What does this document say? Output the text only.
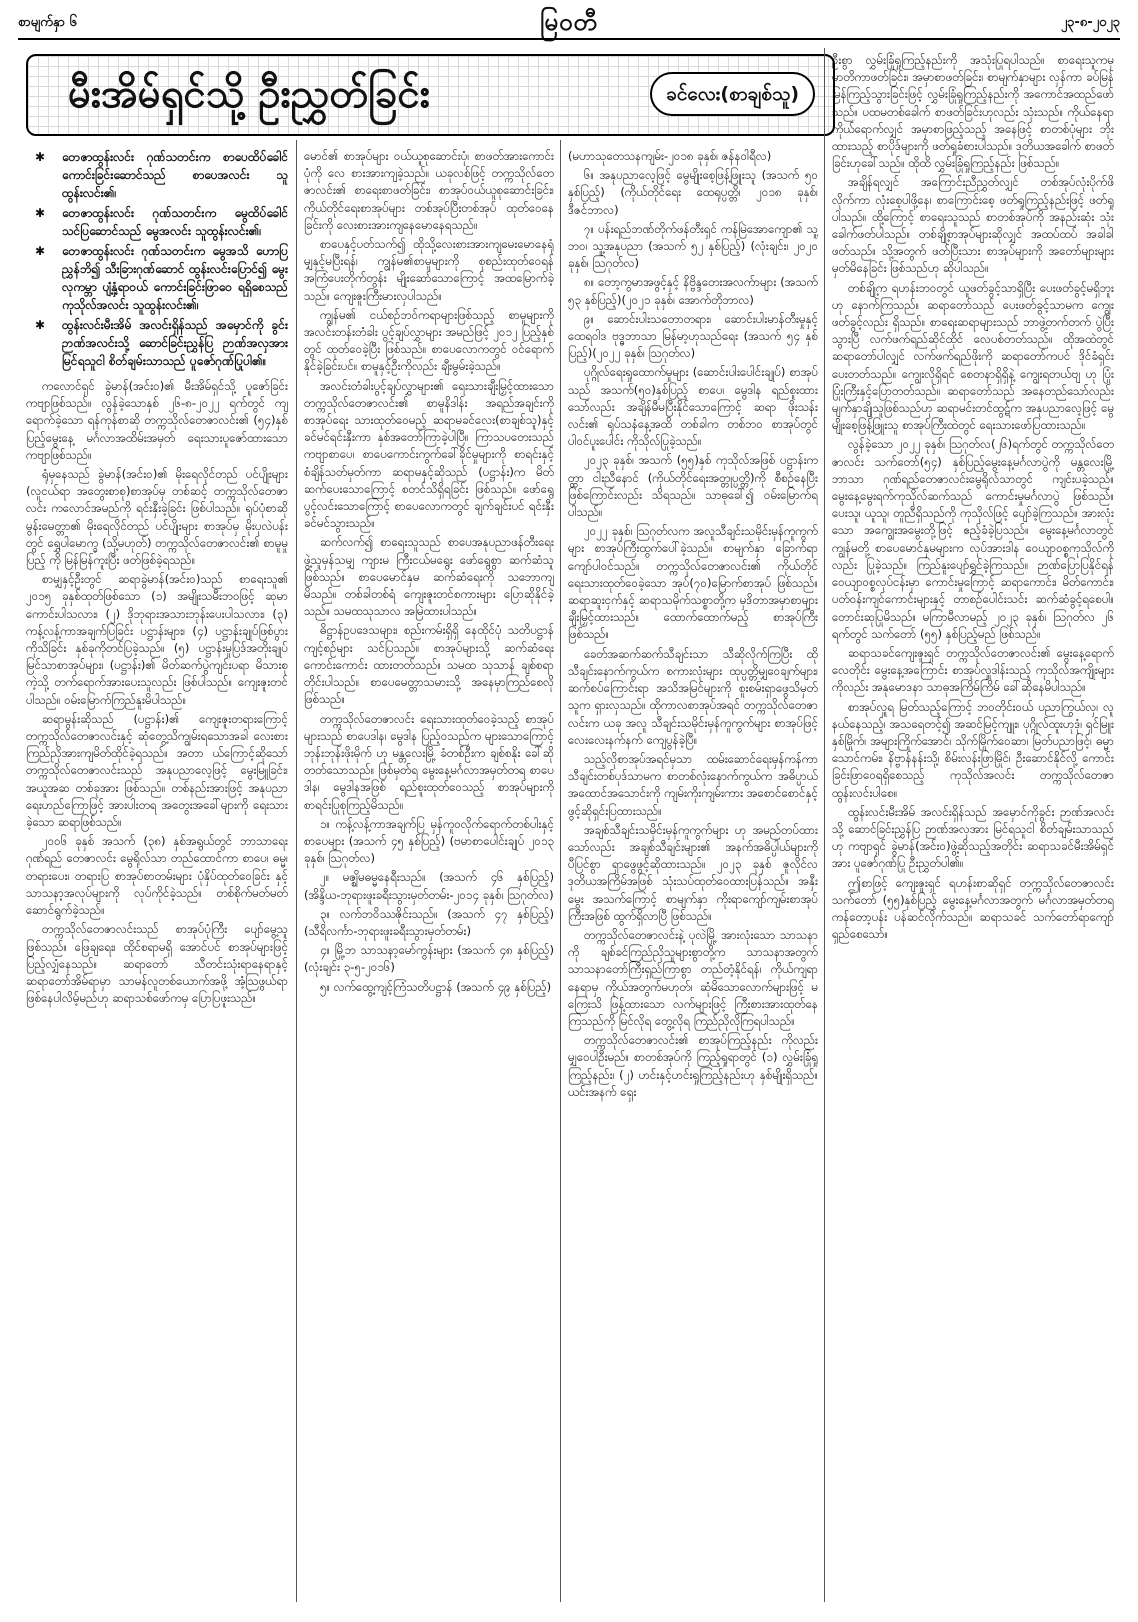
စာမျက်နှာ ၆	မြဝတီ	၂၃-၈-၂၀၂၃
မီးအိမ်ရှင်သို့ ဦးညွှတ်ခြင်း	ခင်လေး(စာချစ်သူ)
✱	တေဇာထွန်းလင်း ဂုဏ်သတင်းက စာပေထိပ်ခေါင် ကောင်းခြင်းဆောင်သည် စာပေအလင်း သူထွန်းလင်း၏၊
✱	တေဇာထွန်းလင်း ဂုဏ်သတင်းက မွေထိပ်ခေါင် သင်ပြဆောင်သည် မွေအလင်း သူထွန်းလင်း၏၊
✱	တေဇာထွန်းလင်း ဂုဏ်သတင်းက မွေအသိ ဟောပြ ညွှန်ဘိ၍ သီးခြားဂုဏ်ဆောင် ထွန်းလင်းပြောင်၍ မွေးလုကမ္ဘာ ပျံ့နှံ့ရာဝယ် ကောင်းခြင်းဖြာဝေ ရရှိစေသည် ကုသိုလ်အလင်း သူထွန်းလင်း၏၊
✱	ထွန်းလင်းမီးအိမ် အလင်းရှိန်သည် အမှောင်ကို ခွင်း ဉာဏ်အလင်းသို့ ဆောင်ခြင်းညွှန်ပြ ဉာဏ်အလှအား မြင်ရသူငါ စိတ်ချမ်းသာသည် ပူဇော်ဂုဏ်ပြုပါ၏။

ကလောင်ရှင် ခွဲမာန်(အင်း၀)၏ မီးအိမ်ရှင်သို့ ပူဇော်ခြင်း ကဗျာဖြစ်သည်။ လွန်ခဲ့သောနှစ် ၂၆-၈-၂၀၂၂ ရက်တွင် ကျရောက်ခဲ့သော ရန်ကုန်စာဆို တက္ကသိုလ်တေဇာလင်း၏ (၅၄)နှစ်ပြည့်မွေးနေ့ မင်္ဂလာအထိမ်းအမှတ် ရေးသားပူဇော်ထားသော ကဗျာဖြစ်သည်။

ရုံမှနေသည် ခွဲမာန်(အင်း၀)၏ မိုးရေလိုင်တည် ပင်ပျိုးများ (လူငယ်ရာ အတွေးစာစု)စာအုပ်မှ တစ်ဆင့် တက္ကသိုလ်တေဇာလင်း ကလောင်အမည်ကို ရင်းနှီးခဲ့ခြင်း ဖြစ်ပါသည်။ ရုပ်ပုံစာဆို မွန်းမေတ္တာ၏ မိုးရေလိုင်တည် ပင်ပျိုးများ စာအုပ်မှ မိုးပုလဲပန်းတွင် ရွှေပါမောက္ခ (သို့မဟုတ်) တက္ကသိုလ်တေဇာလင်း၏ စာမူမှုပြည့် ကို မြန်မြန်ကူးပြီး ဖတ်ဖြစ်ခဲ့ရသည်။

စာမျှနှင့်ဦးတွင် ဆရာခွဲမာန်(အင်း၀)သည် စာရေးသူ၏ ၂၀၁၅ ခုနှစ်ထုတ်ဖြစ်သော (၁) အမျိုးသမီးဘဝဖြင့် ဆုမာကောင်းပါသလား၊ (၂) ဒိုဘုရားအသားဘုန်းပေးပါသလား၊ (၃) ကန့်လန့်ကာအချက်ပြခြင်း ပဋ္ဌာန်းများ၊ (၄) ပဋ္ဌာန်းချုပ်ဖြစ်ပွားကိုသိခြင်း နှစ်ခုကိုတင်ပြခဲ့သည်။ (၅) ပဋ္ဌာန်းမှုပြဒ်အတိုးချုပ် မြင်သာစာအုပ်များ၊ (ပဋ္ဌာန်း)၏ မိတ်ဆက်ပွဲကျင်းပရာ မိသားစုကဲ့သို့ တက်ရောက်အားပေးသူလည်း ဖြစ်ပါသည်။ ကျေးဇူးတင်ပါသည်။ ဝမ်းမြောက်ကြည်နူးမိပါသည်။

ဆရာမွန်းဆိုသည် (ပဋ္ဌာန်း)၏ ကျေးဇူးတရားကြောင့် တက္ကသိုလ်တေဇာလင်းနှင့် ဆုံတွေ့သိကျွမ်းရသောအခါ လေးစားကြည်ညိုအားကျမိတ်ထိုင်ခဲ့ရသည်။ အတာ ယ်ကြောင့်ဆိုသော် တက္ကသိုလ်တေဇာလင်းသည် အနုပညာလေ့ဖြင့် မွေးမြူခြင်း၊ အယူအဆ တစ်ခုအား ဖြစ်သည်။ တစ်နည်းအားဖြင့် အနုပညာရေးဟည်ကြောဖြင့် အားပါးတရ အတွေးအခေါ်များကို ရေးသားခဲ့သော ဆရာဖြစ်သည်။

၂၀၀၆ ခုနှစ် အသက် (၃၈) နှစ်အရွယ်တွင် ဘာသာရေးဂုဏ်ရည် တေဇာလင်း မွေရိုလ်သာ တည်ထောင်ကာ စာပေ၊ ဓမ္မ၊ တရားပေး၊ တရားပြ စာအုပ်စာတမ်းများ ပုံနှိပ်ထုတ်ဝေခြင်း နှင့် သာသနာ့အလုပ်များကို လုပ်ကိုင်ခဲ့သည်။ တစ်စိုက်မတ်မတ် ဆောင်ရွက်ခဲ့သည်။

တက္ကသိုလ်တေဇာလင်းသည် စာအုပ်ပုံကြီး ပျော်မွေ့သူ ဖြစ်သည်။ ဖြေချရေး၊ ထိုင်စရာမရှိ အောင်ပင် စာအုပ်များဖြင့် ပြည့်လျှံနေသည်။ ဆရာတော် သီတင်းသုံးရာနေရာနှင့် ဆရာတော်အိမ်ရာမှာ သာမန်လူတစ်ယောက်အဖို့ အံ့သြဖွယ်ရာဖြစ်နေပါလိမ့်မည်ဟု ဆရာသစ်ဖော်ကမှ ပြောပြဖူးသည်။

မောင်၏ စာအုပ်များ ဝယ်ယူစုဆောင်းပုံ၊ စာဖတ်အားကောင်းပုံကို လေ စားအားကျခဲ့သည်။ ယခုလစ်ဖြင့် တက္ကသိုလ်တေဇာလင်း၏ စာရေးစာဖတ်ခြင်း၊ စာအုပ်ဝယ်ယူစုဆောင်းခြင်း၊ ကိုယ်တိုင်ရေးစာအုပ်များ တစ်အုပ်ပြီးတစ်အုပ် ထုတ်ဝေနေခြင်းကို လေးစားအားကျနေမောနေရသည်။

စာပေနှင့်ပတ်သက်၍ ထိုသို့လေးစားအားကျမေးမောနေရုံမျှနှင့်မပြီးရန်၊ ကျွန်မ၏စာမူများကို စုစည်းထုတ်ဝေရန် အကြံပေးတိုက်တွန်း မျိုးဆော်သောကြောင့် အထမြောက်ခဲ့သည်။ ကျေးဇူးကြီးမားလှပါသည်။

ကျွန်မ၏ ငယ်စဉ်ဘဝ်ကရာများဖြစ်သည့် စာမူများကို အလင်းတန်းတံခါး ပွင့်ချပ်လွှာများ အမည်ဖြင့် ၂၀၁၂ ပြည့်နှစ်တွင် ထုတ်ဝေခဲ့ပြီး ဖြစ်သည်။ စာပေလောကတွင် ဝင်ရောက်နိုင်ခဲ့ခြင်းပင်။ စာမူနှင့်ဦးကိုလည်း ချီးမွမ်းခဲ့သည်။

အလင်းတံခါးပွင့်ချပ်လွှာများ၏ ရေးသားချီးမြှင့်ထားသော တက္ကသိုလ်တေဇာလင်း၏ စာမူနိဒါန်း အရည်အချင်းကို စာအုပ်ရေး သားထုတ်ဝေမည့် ဆရာမခင်လေး(စာချစ်သူ)နှင့် ခင်မင်ရင်းနှီးကာ နှစ်အတော်ကြာခဲ့ပါပြီ။ ကြာသပတေးသည် ကဗျာစာပေ၊ စာပေကောင်းကွက်ခေါ်ခိုင်မှုများကို စာရင်းနှင့်စံချိန်သတ်မှတ်ကာ ဆရာမနှင့်ဆိုသည် (ပဋ္ဌာန်း)က မိတ်ဆက်ပေးသောကြောင့် စတင်သိရှိရခြင်း ဖြစ်သည်။ ဖော်ရွေပွင့်လင်းသောကြောင့် စာပေလောကတွင် ချက်ချင်းပင် ရင်းနှီးခင်မင်သွားသည်။

ဆက်လက်၍ စာရေးသူသည် စာပေအနုပညာဖန်တီးရေးဖွဲ့သူမှန်သမျှ ကျားမ ကြီးငယ်မရွေး ဖော်ရွေစွာ ဆက်ဆံသူဖြစ်သည်။ စာပေမောင်နှမ ဆက်ဆံရေးကို သဘောကျမိသည်။ တစ်ခါတစ်ရံ ကျေးဇူးတင်စကားများ ပြောဆိုနိုင်ခဲ့သည်။ သမထသုသာလ အမြဲထားပါသည်။

ဓိဋ္ဌာန်ဥပဒေသများ၊ စည်းကမ်းရှိရှိ နေထိုင်ပုံ သတိပဋ္ဌာန်ကျင့်စဉ်များ သင်ပြသည်။ စာအုပ်များသို့ ဆက်ဆံရေးကောင်းကောင်း ထားတတ်သည်။ သမထ သုသာန် ချစ်စရာ တိုင်းပါသည်။ စာပေမေတ္တာသမားသို့ အနေမှာကြည်စေလို ဖြစ်သည်။

တက္ကသိုလ်တေဇာလင်း ရေးသားထုတ်ဝေခဲ့သည့် စာအုပ်များသည် စာပေဒါန၊ မွေဒါန ပြည့်ဝသည်က များသောကြောင့် ဘုန်းဘုန်းဖိုးမိုက် ဟု မန္တလေးမြို့ ခံတစ်ဦးက ချစ်စနိုး ခေါ်ဆိုတတ်သောသည်။ ဖြစ်မှတ်ရ မွေးနေ့မင်္ဂလာအမှတ်တရ စာပေဒါန၊ မွေဒါနအဖြစ် ရည်စူးထုတ်ဝေသည့် စာအုပ်များကို စာရင်းပြုစုကြည့်မိသည်။

၁။ ကန့်လန့်ကာအချက်ပြ မှန်ကူဝလိုက်ရောက်တစ်ပါးနှင့်စာပေများ (အသက် ၄၅ နှစ်ပြည့်) (ဗမာစာပေါင်းချုပ် ၂၀၁၃ ခုနှစ်၊ သြဂုတ်လ)

၂။ မဇ္ဈိမဓမ္မနေရီးသည်။ (အသက် ၄၆ နှစ်ပြည့်) (အိန္ဒိယ-ဘုရားဖူးခရီးသွားမှတ်တမ်း-၂၀၁၄ ခုနှစ်၊ သြဂုတ်လ)

၃။ လက်ဘဝိဿဇိုင်းသည်။ (အသက် ၄၇ နှစ်ပြည့်) (သီရိလင်္ကာ-ဘုရားဖူးခရီးသွားမှတ်တမ်း)

၄။ မြို့ဘ သာသနာ့မော်ကွန်းများ (အသက် ၄၈ နှစ်ပြည့်) (လုံးချင်း ၃-၅-၂၀၁၆)

၅။ လက်ထွေ့ကျင့်ကြံသတိပဋ္ဌာန် (အသက် ၄၉ နှစ်ပြည့်)

(မဟာသုတေသနကျမ်း-၂၀၁၈ ခုနှစ်၊ ဇန်နဝါရီလ)

၆။ အနုပညာလေ့ဖြင့် မွေမျိုးစေ့ဖြန့်ဖြူးသူ (အသက် ၅၀ နှစ်ပြည့်) (ကိုယ်တိုင်ရေး ထေရုပ္ပတ္တိ၊ ၂၀၁၈ ခုနှစ်၊ ဒီဇင်ဘာလ)

၇။ ပန်းရည်ဘဏ်တိုက်ဖန်တီးရှင် ကန်မြဲအောကျော၏ သူ့ဘဝ၊ သူ့အနုပညာ (အသက် ၅၂ နှစ်ပြည့်) (လုံးချင်း၊ ၂၀၂၀ ခုနှစ်၊ သြဂုတ်လ)

၈။ တော့ကွမာအဖွင့်နှင့် နိဗ္ဗိန္ဒတေးအလက်ာများ (အသက် ၅၃ နှစ်ပြည့်)(၂၀၂၁ ခုနှစ်၊ အောက်တိုဘာလ)

၉။ ဆောင်းပါးသတောတရား၊ ဆောင်းပါးမာန်တီးမှုနှင့် ထေရဝါဒ ဗုဒ္ဓဘာသာ မြန်မာ့ဟုသည်ရေး (အသက် ၅၄ နှစ်ပြည့်)(၂၀၂၂ ခုနှစ်၊ သြဂုတ်လ)

ပုဂ္ဂိုလ်ရေးရှုထောက်မှုများ (ဆောင်းပါးပေါင်းချုပ်) စာအုပ်သည် အသက်(၅၀)နှစ်ပြည့် စာပေ၊ မွေဒါန ရည်စူးထားသော်လည်း အချိန်မီမပြီးနိုင်သောကြောင့် ဆရာ ဖိုးသန်းလင်း၏ ရုပ်သနံနေ့အထိ တစ်ခါက တစ်ဘဝ စာအုပ်တွင် ပါဝင်ပူးပေါင်း ကိုသိုလ်ပြုခဲ့သည်။

၂၀၂၃ ခုနှစ်၊ အသက် (၅၅)နှစ် ကုသိုလ်အဖြစ် ပဋ္ဌာန်းကတ္ထာ ငါးညီနောင် (ကိုယ်တိုင်ရေးအတ္တုပ္ပတ္တိ)ကို စီစဉ်နေပြီးဖြစ်ကြောင်းလည်း သိရသည်။ သာဓုခေါ်၍ ဝမ်းမြောက်ရပါသည်။

၂၀၂၂ ခုနှစ်၊ သြဂုတ်လက အလူသီချင်းသမိုင်းမှန်ကူကွက်များ စာအုပ်ကြီးထွက်ပေါ်ခဲ့သည်။ စာမျက်နှာ ခြောက်ရာကျော်ပါဝင်သည်။ တက္ကသိုလ်တေဇာလင်း၏ ကိုယ်တိုင်ရေးသားထုတ်ဝေခဲ့သော အုပ်(၇၀)မြောက်စာအုပ် ဖြစ်သည်။ ဆရာဆူးငှက်နှင့် ဆရာသမိုက်သစ္စာတို့က မှဒိတာအမှာစာများ ချီးမြှင့်ထားသည်။ ထောက်ထောက်မည့် စာအုပ်ကြီး ဖြစ်သည်။

ခေတ်အဆက်ဆက်သီချင်းသာ သီဆိုလိုက်ကြပြီး ထိုသီချင်းနောက်ကွယ်က စကားလုံးများ ထုပ္ပတ္တိမျှဝေချက်များ၊ ဆက်စပ်ကြောင်းရာ အသိအမြင်များကို စူးစမ်းရှာဖွေသိမှတ်သူက ရှားလှသည်။ ထိုကာလစာအုပ်အရင် တက္ကသိုလ်တေဇာလင်းက ယခု အလူ သီချင်းသမိုင်းမှန်ကူကွက်များ စာအုပ်ဖြင့် လေးလေးနက်နက် ကျေပွန်ခဲ့ပြီ။

သည့်လိုစာအုပ်အရင်မှသာ ထမ်းဆောင်ရေးမှန်ကန်ကာ သီချင်းတစ်ပုဒ်သာမက စာတစ်လုံးနောက်ကွယ်က အဓိပ္ပာယ်အထောင်အသောင်းကို ကျမ်းကိုးကျမ်းကား အစောင်စောင်နှင့် ဖွင့်ဆိုရှင်းပြထားသည်။

အချစ်သီချင်းသမိုင်းမှန်ကူကွက်များ ဟု အမည်တပ်ထားသော်လည်း အချစ်သီချင်းများ၏ အနက်အဓိပ္ပါယ်များကို ပီပြင်စွာ ရှာဖွေဖွင့်ဆိုထားသည်။ ၂၀၂၃ ခုနှစ် ဇူလိုင်လ ဒုတိယအကြိမ်အဖြစ် သုံးသပ်ထုတ်ဝေထားပြန်သည်။ အနှီးမွေး အသက်ကြောင့် စာမျက်နှာ ကိုးရာကျော်ကျမ်းစာအုပ်ကြီးအဖြစ် ထွက်ရှိလာပြီ ဖြစ်သည်။

တက္ကသိုလ်တေဇာလင်းနဲ့ ပုလဲမြို့ အားလုံးသော သာသနာကို ချစ်ခင်ကြည်ညိုသူများစွာတို့က သာသနာအတွက် သာသနာတော်ကြီးရှည်ကြာစွာ တည်တံ့နိုင်ရန်၊ ကိုယ်ကျရာနေရာမှ ကိုယ်အတွက်မဟုတ်၊ ဆုံမိသောလောက်များဖြင့် မကြေးသိ ဖြန့်ထားသော လက်များဖြင့် ကြီးစားအားထုတ်နေကြသည်ကို မြင်လိုရ တွေ့လိုရ ကြည်ညိုလိုကြရပါသည်။

တက္ကသိုလ်တေဇာလင်း၏ စာအုပ်ကြည့်နည်း ကိုလည်း မျှဝေပါဦးမည်။ စာတစ်အုပ်ကို ကြည့်ရှုရာတွင် (၁) လွှမ်းခြုံရှုကြည့်နည်း၊ (၂) ဟင်းနှင့်ဟင်းရှုကြည့်နည်းဟု နှစ်မျိုးရှိသည်။ ယင်းအနက် ရှေး

ဦးစွာ လွှမ်းခြုံရှုကြည့်နည်းကို အသုံးပြုရပါသည်။ စာရေးသူကမှ မာတိကာဖတ်ခြင်း၊ အမှာစာဖတ်ခြင်း၊ စာမျက်နှာများ လှန်ကာ ခပ်မြန်မြန်ကြည့်သွားခြင်းဖြင့် လွှမ်းခြုံရှုကြည့်နည်းကို အကောင်အထည်ဖော်သည်။ ပထမတစ်ခေါက် စာဖတ်ခြင်းဟုလည်း သုံးသည်။ ကိုယ်နေရာကိုယ်ရောက်လျှင် အမှာစာဖြည့်သည့် အနေဖြင့် စာတစ်ပုံများ ဘိုးထားသည့် စာပိုဒ်များကို ဖတ်ရှုခံစားပါသည်။ ဒုတိယအခေါက် စာဖတ်ခြင်းဟုခေါ်သည်။ ထိုထိ လွှမ်းခြုံရှုကြည့်နည်း ဖြစ်သည်။

အချိန်ရလျှင် အကြောင်းညီညွှတ်လျှင် တစ်အုပ်လုံးပိုက်ဖိလိုက်ကာ လုံးစေ့ပါဖို့နေ၊ စာကြောင်းစေ့ ဖတ်ရှုကြည့်နည်းဖြင့် ဖတ်ရှုပါသည်။ ထို့ကြောင့် စာရေးသူသည် စာတစ်အုပ်ကို အနည်းဆုံး သုံးခေါက်ဖတ်ပါသည်။ တစ်ချို့စာအုပ်များဆိုလျှင် အထပ်ထပ် အခါခါ ဖတ်သည်။ သို့အတွက် ဖတ်ပြီးသား စာအုပ်များကို အတော်များများ မှတ်မိနေခြင်း ဖြစ်သည်ဟု ဆိုပါသည်။

တစ်ချို့က ရဟန်းဘဝတွင် ယူဖတ်ခွင့်သာရှိပြီး ပေးဖတ်ခွင့်မရှိဘူးဟု နောက်ကြသည်။ ဆရာတော်သည် ပေးဖတ်ခွင့်သာမက ကျွေးဖတ်ခွင့်လည်း ရှိသည်။ စာရေးဆရာများသည် ဘာဖွဲ့တက်တက် ပွဲပြီးသွားပြီ လက်ဖက်ရည်ဆိုင်ထိုင် လေပစ်တတ်သည်။ ထိုအထဲတွင် ဆရာတော်ပါလျှင် လက်ဖက်ရည်ဖိုးကို ဆရာတော်ကပင် ဒိုင်ခံရှင်းပေးတတ်သည်။ ကျွေးလိုရှိရင် စေတနာရှိရှိနဲ့ ကျွေးရတယ်ဗျ ဟု ပြုံးပြုံးကြီးနှင့်ပြောတတ်သည်။ ဆရာတော်သည် အနေတည်သော်လည်း မျက်နှာချိုသူဖြစ်သည်ဟု ဆရာမင်းတင်ထွဋ်က အနုပညာလေ့ဖြင့် မွေမျိုးစေ့ဖြန့်ဖြူးသူ စာအုပ်ကြီးထဲတွင် ရေးသားဖော်ပြထားသည်။

လွန်ခဲ့သော ၂၀၂၂ ခုနှစ်၊ သြဂုတ်လ(၂၆)ရက်တွင် တက္ကသိုလ်တေဇာလင်း သက်တော်(၅၄) နှစ်ပြည့်မွေးနေ့မင်္ဂလာပွဲကို မန္တလေးမြို့ ဘာသာ ဂုဏ်ရည်တေဇာလင်းမွေရိုလ်သာတွင် ကျင်းပခဲ့သည်။ မွေးနေ့မွေးရက်ကုသိုလ်ဆက်သည် ကောင်းမှုမင်္ဂလာပွဲ ဖြစ်သည်။ ပေးသူ၊ ယူသူ၊ တူညီရှိသည်ကို ကုသိုလ်ဖြင့် ပျော်ခဲ့ကြသည်။ အားလုံးသော အကျွေးအမွေးတို့ဖြင့် ဧည့်ခံခဲ့ပြသည်။ မွေးနေ့မင်္ဂလာတွင် ကျွန်မတို့ စာပေမောင်နှမများက လုပ်အားဒါန ဝေယျာဝစ္စကုသိုလ်ကိုလည်း ပြုခဲ့သည်။ ကြည်နူးပျော်ရွှင်ခဲ့ကြသည်။ ဉာဏ်ပြောပြနိုင်ရန် ဝေယျာဝစ္စလုပ်ငန်းမှာ ကောင်းမှုကြောင့် ဆရာကောင်း၊ မိတ်ကောင်း၊ ပတ်ဝန်းကျင်ကောင်းများနှင့် တာစဉ်ပေါင်းသင်း ဆက်ဆံခွင့်ရစေပါ။ တောင်းဆုပြုမိသည်။ မကြာမီလာမည့် ၂၀၂၃ ခုနှစ်၊ ဩဂုတ်လ ၂၆ ရက်တွင် သက်တော် (၅၅) နှစ်ပြည့်မည် ဖြစ်သည်။

ဆရာသခင်ကျေးဇူးရှင် တက္ကသိုလ်တေဇာလင်း၏ မွေးနေ့ရောက်လေတိုင်း မွေးနေ့အကြောင်း စာအုပ်လှူဒါန်းသည့် ကုသိုလ်အကျိုးများကိုလည်း အနုမောဒနာ သာဓုအကြိမ်ကြိမ် ခေါ်ဆိုနေမိပါသည်။

စာအုပ်လှူရ မြတ်သည့်ကြောင့် ဘဝတိုင်းဝယ် ပညာကြွယ်လှ၊ လူနယ်နေသည့်၊ အသရေတင့်၍ အဆင်မြင့်ကျူး၊ ပုဂ္ဂိုလ်ထူးဟုဒုံ၊ ရှင်မြူးနှစ်မြိုက်၊ အများကြိုက်အောင်၊ သိုက်မြိုက်ဝေဆာ၊ မြတ်ပညာဖြင့်၊ ဓမ္မာသောင်ကမ်း၊ နိဗ္ဗာန်နန်းသို့၊ စိမ်းလန်းဖြာမြိုင်၊ ဦးဆောင်နိုင်လို့ ကောင်းခြင်းဖြာဝေရရှိစေသည့် ကုသိုလ်အလင်း တက္ကသိုလ်တေဇာ ထွန်းလင်းပါစေ။

ထွန်းလင်းမီးအိမ် အလင်းရှိန်သည် အမှောင်ကိုခွင်း ဉာဏ်အလင်းသို့ ဆောင်ခြင်းညွှန်ပြ ဉာဏ်အလှအား မြင်ရသူငါ စိတ်ချမ်းသာသည် ဟု ကဗျာရှင် ခွဲမာန်(အင်း၀)ဖွဲ့ဆိုသည့်အတိုင်း ဆရာသခင်မီးအိမ်ရှင်အား ပူဇော်ဂုဏ်ပြု ဦးညွှတ်ပါ၏။

ဤစာဖြင့် ကျေးဇူးရှင် ရဟန်းစာဆိုရှင် တက္ကသိုလ်တေဇာလင်း သက်တော် (၅၅)နှစ်ပြည့် မွေးနေ့မင်္ဂလာအတွက် မင်္ဂလာအမှတ်တရ ကန်တော့ပန်း ပန်ဆင်လိုက်သည်။ ဆရာသခင် သက်တော်ရာကျော် ရှည်စေသော်။
